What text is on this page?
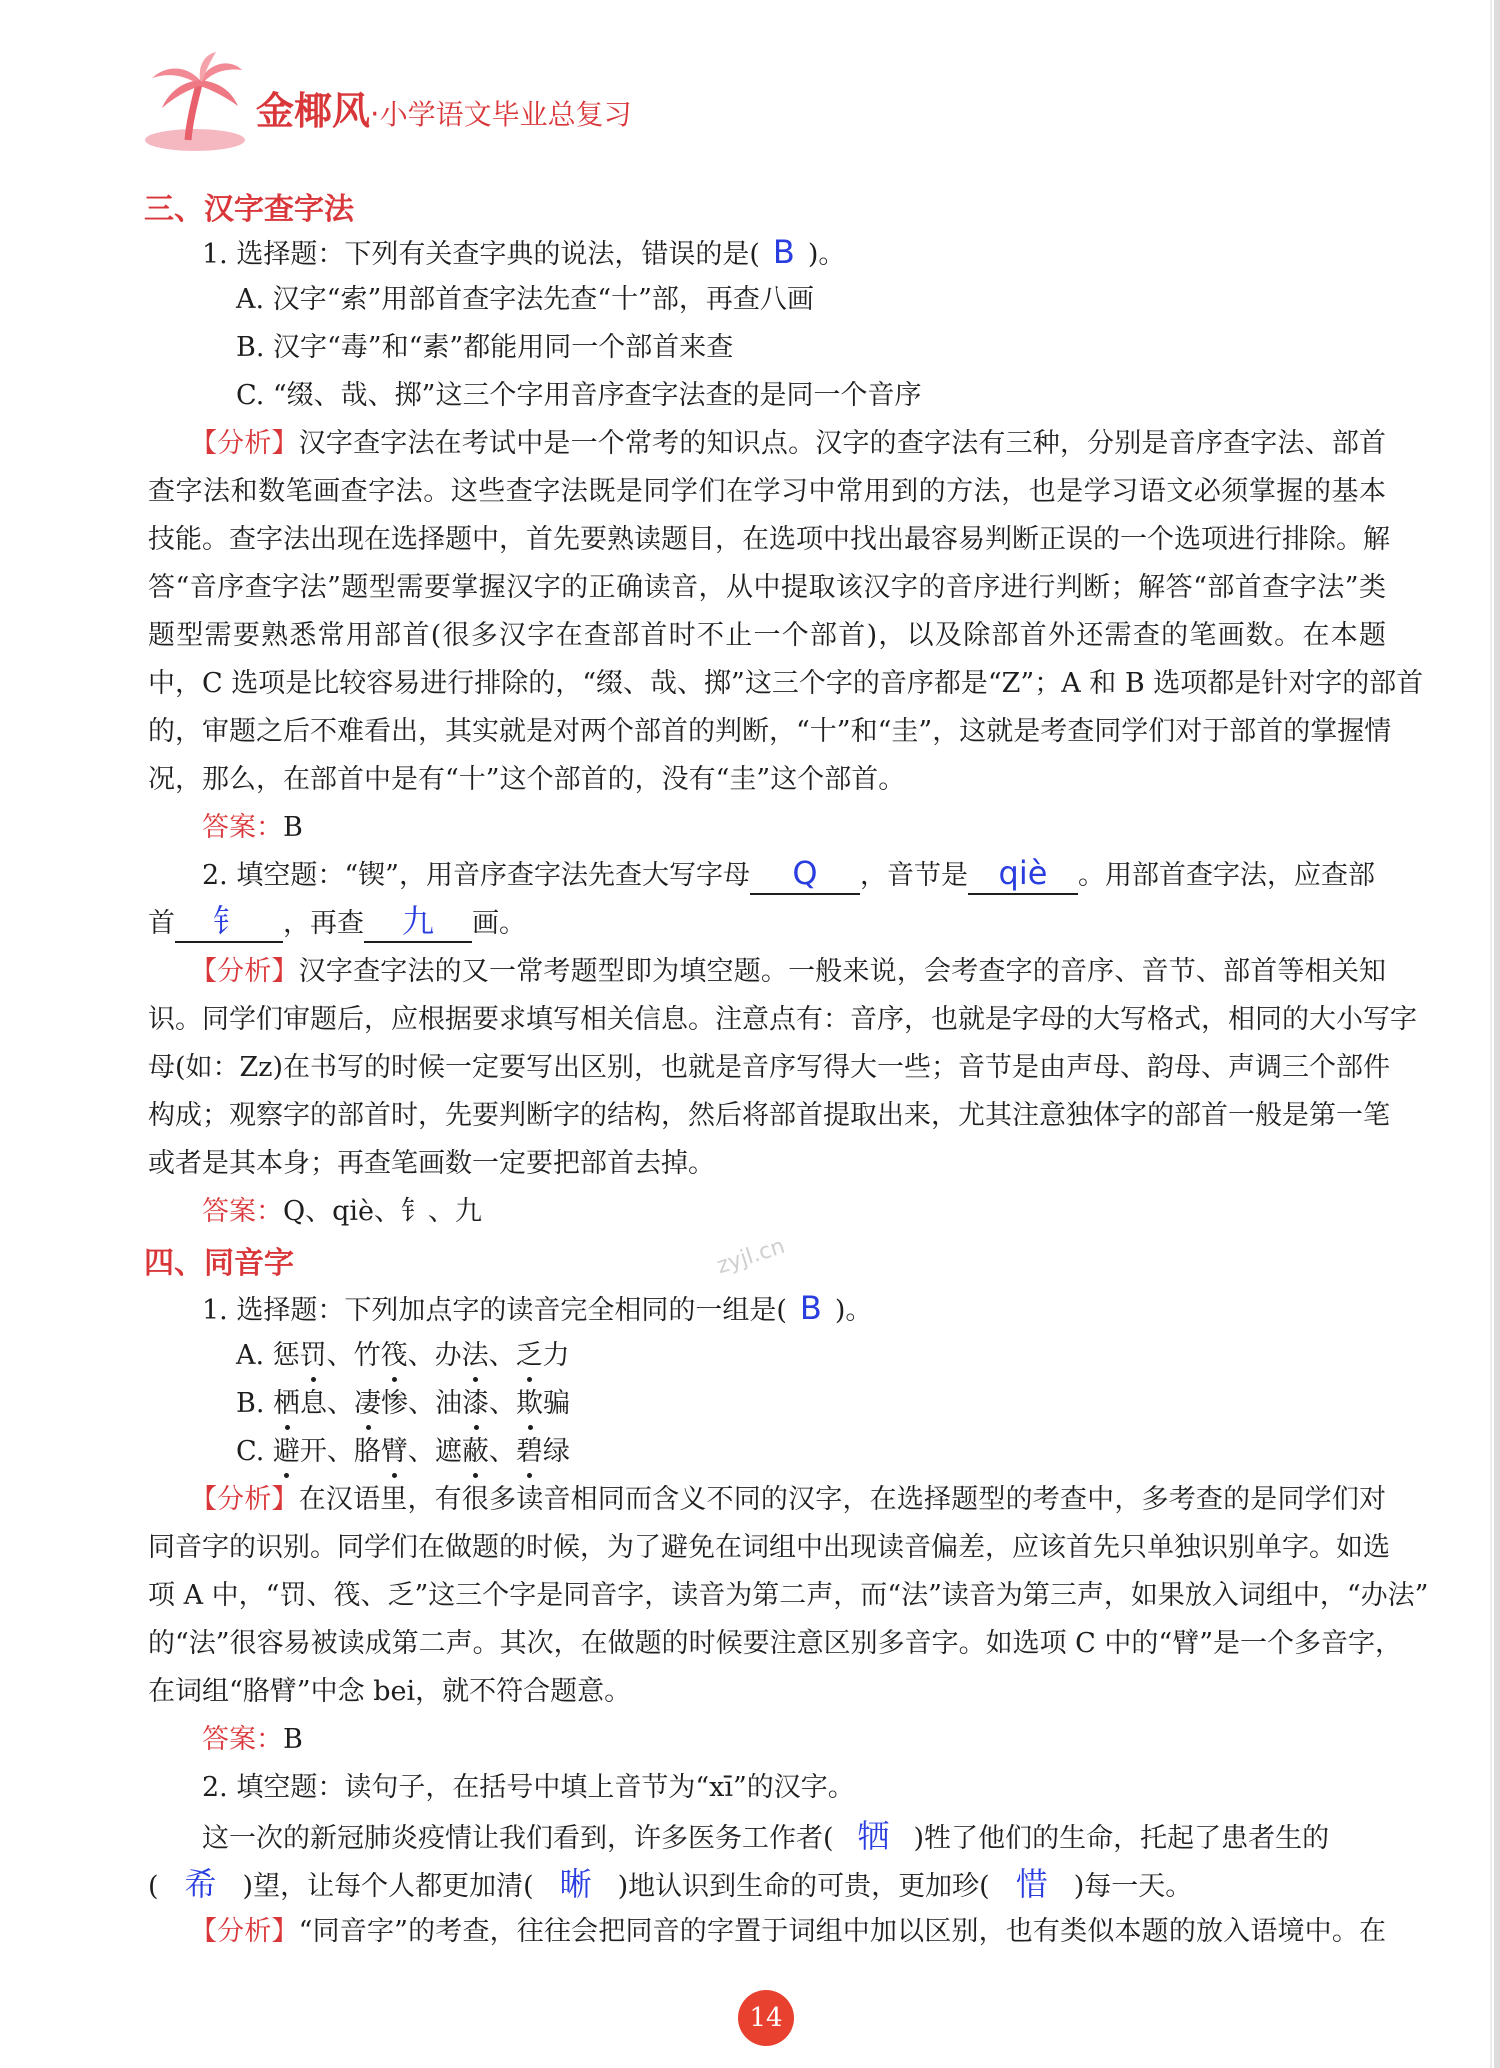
金椰风·小学语文毕业总复习
三、汉字查字法
1. 选择题：下列有关查字典的说法，错误的是( B )。
A. 汉字“索”用部首查字法先查“十”部，再查八画
B. 汉字“毒”和“素”都能用同一个部首来查
C. “缀、哉、掷”这三个字用音序查字法查的是同一个音序
【分析】汉字查字法在考试中是一个常考的知识点。汉字的查字法有三种，分别是音序查字法、部首
查字法和数笔画查字法。这些查字法既是同学们在学习中常用到的方法，也是学习语文必须掌握的基本
技能。查字法出现在选择题中，首先要熟读题目，在选项中找出最容易判断正误的一个选项进行排除。解
答“音序查字法”题型需要掌握汉字的正确读音，从中提取该汉字的音序进行判断；解答“部首查字法”类
题型需要熟悉常用部首(很多汉字在查部首时不止一个部首)，以及除部首外还需查的笔画数。在本题
中，C 选项是比较容易进行排除的，“缀、哉、掷”这三个字的音序都是“Z”；A 和 B 选项都是针对字的部首
的，审题之后不难看出，其实就是对两个部首的判断，“十”和“圭”，这就是考查同学们对于部首的掌握情
况，那么，在部首中是有“十”这个部首的，没有“圭”这个部首。
答案：B
2. 填空题：“锲”，用音序查字法先查大写字母 Q ，音节是 qiè 。用部首查字法，应查部
首 钅 ，再查 九 画。
【分析】汉字查字法的又一常考题型即为填空题。一般来说，会考查字的音序、音节、部首等相关知
识。同学们审题后，应根据要求填写相关信息。注意点有：音序，也就是字母的大写格式，相同的大小写字
母(如：Zz)在书写的时候一定要写出区别，也就是音序写得大一些；音节是由声母、韵母、声调三个部件
构成；观察字的部首时，先要判断字的结构，然后将部首提取出来，尤其注意独体字的部首一般是第一笔
或者是其本身；再查笔画数一定要把部首去掉。
答案：Q、qiè、钅、九
四、同音字	zyjl.cn
1. 选择题：下列加点字的读音完全相同的一组是( B )。
A. 惩罚、竹筏、办法、乏力
B. 栖息、凄惨、油漆、欺骗
C. 避开、胳臂、遮蔽、碧绿
【分析】在汉语里，有很多读音相同而含义不同的汉字，在选择题型的考查中，多考查的是同学们对
同音字的识别。同学们在做题的时候，为了避免在词组中出现读音偏差，应该首先只单独识别单字。如选
项 A 中，“罚、筏、乏”这三个字是同音字，读音为第二声，而“法”读音为第三声，如果放入词组中，“办法”
的“法”很容易被读成第二声。其次，在做题的时候要注意区别多音字。如选项 C 中的“臂”是一个多音字，
在词组“胳臂”中念 bei，就不符合题意。
答案：B
2. 填空题：读句子，在括号中填上音节为“xī”的汉字。
这一次的新冠肺炎疫情让我们看到，许多医务工作者( 牺 )牲了他们的生命，托起了患者生的
( 希 )望，让每个人都更加清( 晰 )地认识到生命的可贵，更加珍( 惜 )每一天。
【分析】“同音字”的考查，往往会把同音的字置于词组中加以区别，也有类似本题的放入语境中。在
14
